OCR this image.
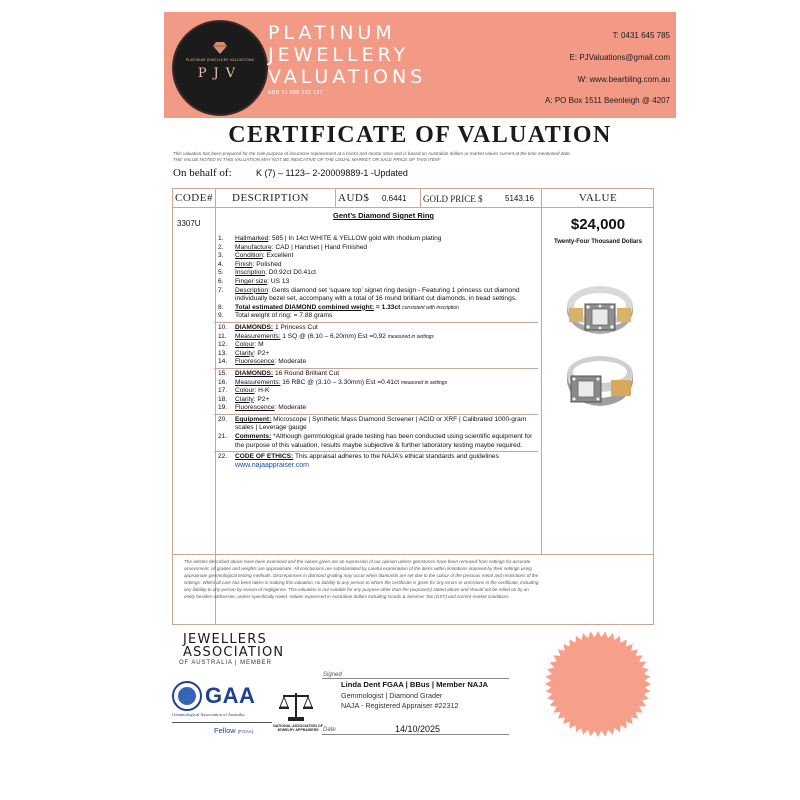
PLATINUM JEWELLERY VALUATIONS
PJV
PLATINUM
JEWELLERY
VALUATIONS
ABN 11 588 192 137
T: 0431 645 785
E: PJValuations@gmail.com
W: www.bearbling.com.au
A: PO Box 1511 Beenleigh @ 4207
CERTIFICATE OF VALUATION
This valuation has been prepared for the sole purpose of insurance replacement at a bricks and mortar store and is based on Australian dollars or market values current at the time mentioned date.
THE VALUE NOTED IN THIS VALUATION MAY NOT BE INDICATIVE OF THE USUAL MARKET OR SALE PRICE OF THIS ITEM*
On behalf of:	K (7) – 1123– 2-20009889-1 -Updated
CODE# DESCRIPTION	AUD$ 0.6441 GOLD PRICE $	5143.16	VALUE
3307U
Gent’s Diamond Signet Ring
1.	Hallmarked: 585 | In 14ct WHITE & YELLOW gold with rhodium plating
2.	Manufacture: CAD | Handset | Hand Finished
3.	Condition: Excellent
4.	Finish: Polished
5.	Inscription: D0.92ct D0.41ct
6.	Finger size: US 13
7.	Description: Gents diamond set ‘square top’ signet ring design - Featuring 1 princess cut diamond individually bezel set, accompany with a total of 16 round brilliant cut diamonds, in bead settings.
8.	Total estimated DIAMOND combined weight: = 1.33ct consistent with inscription
9.	Total weight of ring: = 7.88 grams
10.	DIAMONDS: 1 Princess Cut
11.	Measurements: 1 SQ @ (6.10 – 6.20mm) Est =0.92 measured in settings
12.	Colour: M
13.	Clarity: P2+
14.	Fluorescence: Moderate
15.	DIAMONDS: 16 Round Brilliant Cut
16.	Measurements: 16 RBC @ (3.10 – 3.30mm) Est =0.41ct measured in settings
17.	Colour: H-K
18.	Clarity: P2+
19.	Fluorescence: Moderate
20.	Equipment: Microscope | Synthetic Mass Diamond Screener | ACID or XRF | Calibrated 1000-gram scales | Leverage gauge
21.	Comments: *Although gemmological grade testing has been conducted using scientific equipment for the purpose of this valuation, results maybe subjective & further laboratory testing maybe required.
22.	CODE OF ETHICS: This appraisal adheres to the NAJA’s ethical standards and guidelines
www.najaappraiser.com
$24,000
Twenty-Four Thousand Dollars
The articles described above have been examined and the values given are an expression of our opinion unless gemstones have been removed from settings for accurate assessment, all grades and weights are approximate. All conclusions are substantiated by careful examination of the items within limitations imposed by their settings using appropriate gemmological testing methods. Discrepancies in diamond grading may occur when diamonds are set due to the colour of the precious metal and restrictions of the settings. Whilst all care has been taken in making this valuation, no liability to any person to whom the certificate is given for any errors or omissions in the certificate, including any liability to any person by reason of negligence. This valuation is not suitable for any purpose other than the purpose(s) stated above and should not be relied on by an entity besides addressee, unless specifically noted. Values expressed in Australian dollars including Goods & Services Tax (GST) and current market conditions.
JEWELLERS
ASSOCIATION
OF AUSTRALIA | MEMBER
GAA
Gemmological Association of Australia
Fellow (FGAA)
NATIONAL ASSOCIATION OF JEWELRY APPRAISERS
Signed
Linda Dent FGAA | BBus | Member NAJA
Gemmologist | Diamond Grader
NAJA - Registered Appraiser #22312
Date	14/10/2025
